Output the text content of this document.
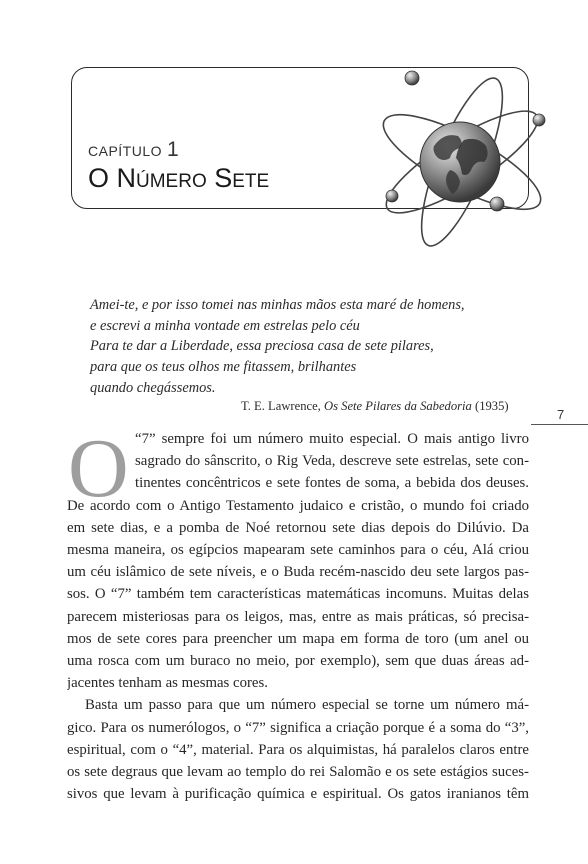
CAPÍTULO 1
O Número Sete
Amei-te, e por isso tomei nas minhas mãos esta maré de homens,
e escrevi a minha vontade em estrelas pelo céu
Para te dar a Liberdade, essa preciosa casa de sete pilares,
para que os teus olhos me fitassem, brilhantes
quando chegássemos.
T. E. Lawrence, Os Sete Pilares da Sabedoria (1935)
7
O “7” sempre foi um número muito especial. O mais antigo livro
sagrado do sânscrito, o Rig Veda, descreve sete estrelas, sete con-
tinentes concêntricos e sete fontes de soma, a bebida dos deuses.
De acordo com o Antigo Testamento judaico e cristão, o mundo foi criado
em sete dias, e a pomba de Noé retornou sete dias depois do Dilúvio. Da
mesma maneira, os egípcios mapearam sete caminhos para o céu, Alá criou
um céu islâmico de sete níveis, e o Buda recém-nascido deu sete largos pas-
sos. O “7” também tem características matemáticas incomuns. Muitas delas
parecem misteriosas para os leigos, mas, entre as mais práticas, só precisa-
mos de sete cores para preencher um mapa em forma de toro (um anel ou
uma rosca com um buraco no meio, por exemplo), sem que duas áreas ad-
jacentes tenham as mesmas cores.
Basta um passo para que um número especial se torne um número má-
gico. Para os numerólogos, o “7” significa a criação porque é a soma do “3”,
espiritual, com o “4”, material. Para os alquimistas, há paralelos claros entre
os sete degraus que levam ao templo do rei Salomão e os sete estágios suces-
sivos que levam à purificação química e espiritual. Os gatos iranianos têm
